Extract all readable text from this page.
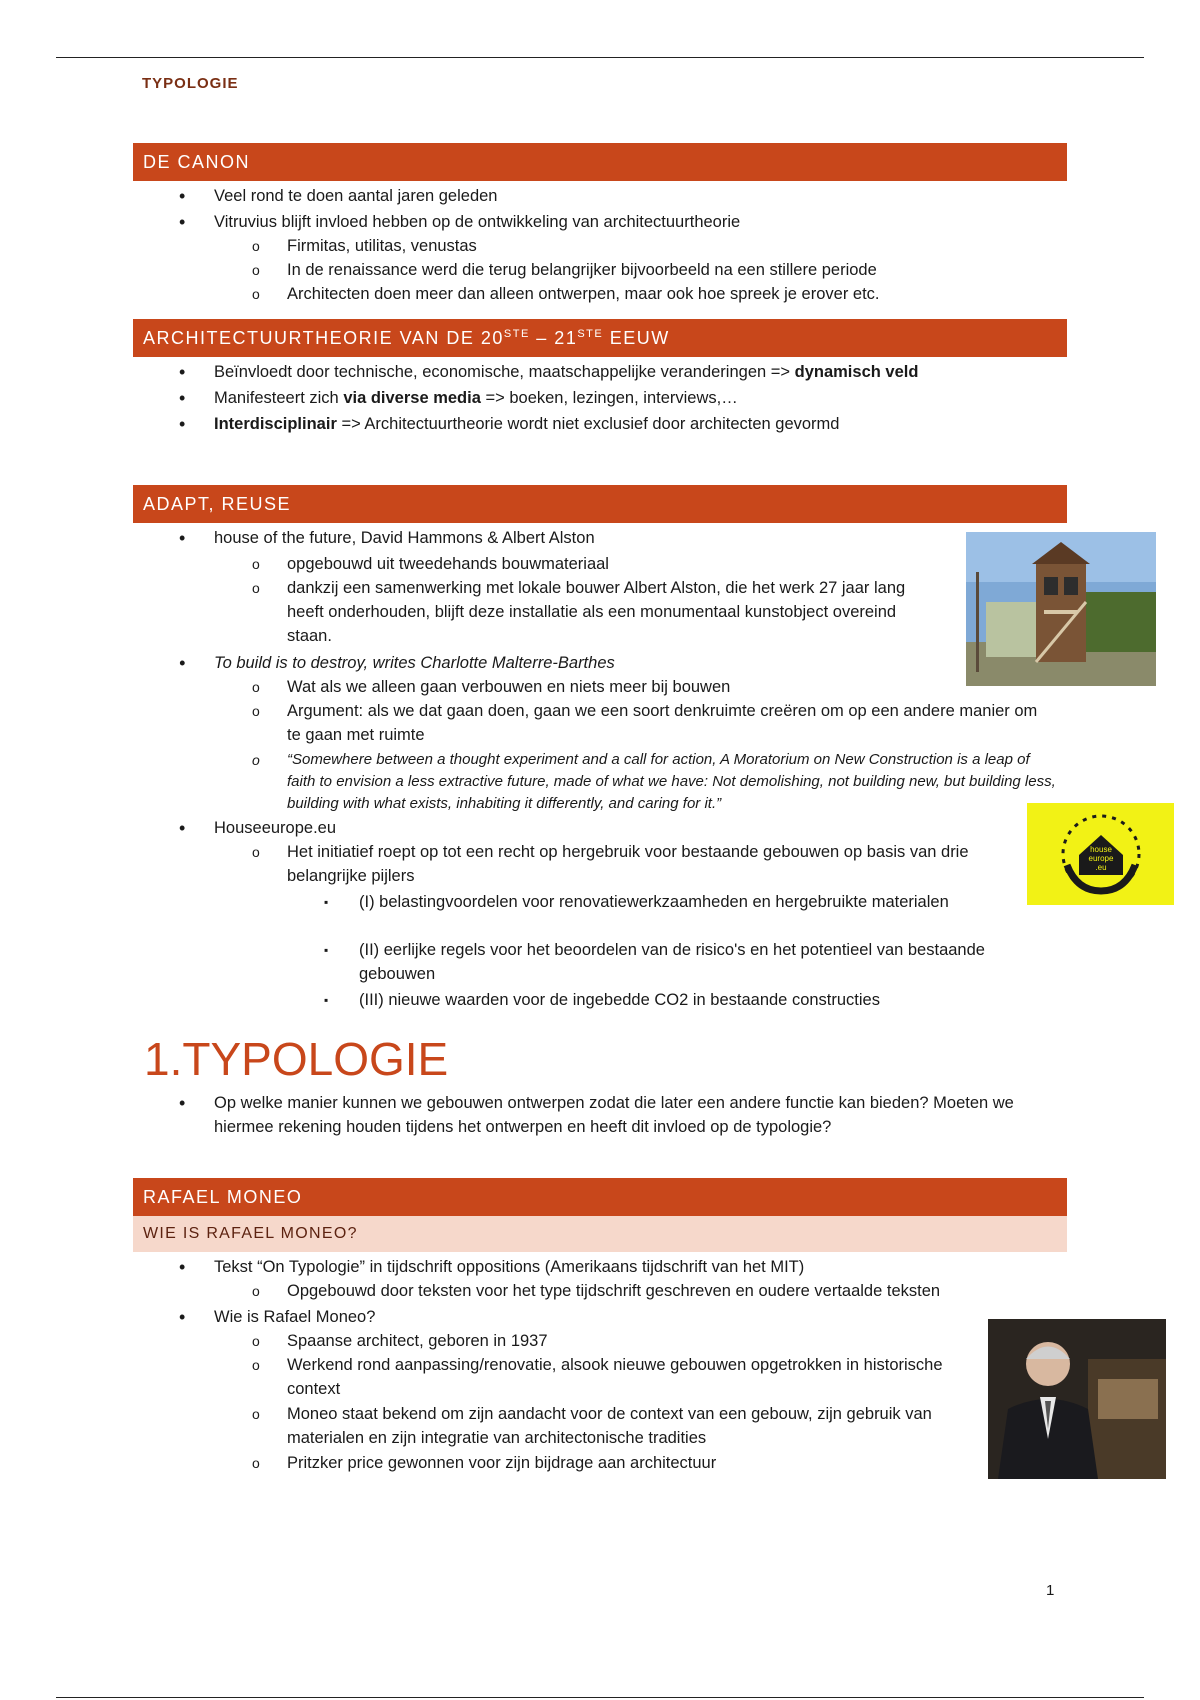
TYPOLOGIE
DE CANON
• Veel rond te doen aantal jaren geleden
• Vitruvius blijft invloed hebben op de ontwikkeling van architectuurtheorie
o Firmitas, utilitas, venustas
o In de renaissance werd die terug belangrijker bijvoorbeeld na een stillere periode
o Architecten doen meer dan alleen ontwerpen, maar ook hoe spreek je erover etc.
ARCHITECTUURTHEORIE VAN DE 20STE – 21STE EEUW
• Beïnvloedt door technische, economische, maatschappelijke veranderingen => dynamisch veld
• Manifesteert zich via diverse media => boeken, lezingen, interviews,…
• Interdisciplinair => Architectuurtheorie wordt niet exclusief door architecten gevormd
ADAPT, REUSE
• house of the future, David Hammons & Albert Alston
o opgebouwd uit tweedehands bouwmateriaal
o dankzij een samenwerking met lokale bouwer Albert Alston, die het werk 27 jaar lang heeft onderhouden, blijft deze installatie als een monumentaal kunstobject overeind staan.
• To build is to destroy, writes Charlotte Malterre-Barthes
o Wat als we alleen gaan verbouwen en niets meer bij bouwen
o Argument: als we dat gaan doen, gaan we een soort denkruimte creëren om op een andere manier om te gaan met ruimte
o “Somewhere between a thought experiment and a call for action, A Moratorium on New Construction is a leap of faith to envision a less extractive future, made of what we have: Not demolishing, not building new, but building less, building with what exists, inhabiting it differently, and caring for it.”
• Houseeurope.eu
o Het initiatief roept op tot een recht op hergebruik voor bestaande gebouwen op basis van drie belangrijke pijlers
▪ (I) belastingvoordelen voor renovatiewerkzaamheden en hergebruikte materialen
▪ (II) eerlijke regels voor het beoordelen van de risico's en het potentieel van bestaande gebouwen
▪ (III) nieuwe waarden voor de ingebedde CO2 in bestaande constructies
house europe .eu
1.TYPOLOGIE
• Op welke manier kunnen we gebouwen ontwerpen zodat die later een andere functie kan bieden? Moeten we hiermee rekening houden tijdens het ontwerpen en heeft dit invloed op de typologie?
RAFAEL MONEO
WIE IS RAFAEL MONEO?
• Tekst “On Typologie” in tijdschrift oppositions (Amerikaans tijdschrift van het MIT)
o Opgebouwd door teksten voor het type tijdschrift geschreven en oudere vertaalde teksten
• Wie is Rafael Moneo?
o Spaanse architect, geboren in 1937
o Werkend rond aanpassing/renovatie, alsook nieuwe gebouwen opgetrokken in historische context
o Moneo staat bekend om zijn aandacht voor de context van een gebouw, zijn gebruik van materialen en zijn integratie van architectonische tradities
o Pritzker price gewonnen voor zijn bijdrage aan architectuur
1
